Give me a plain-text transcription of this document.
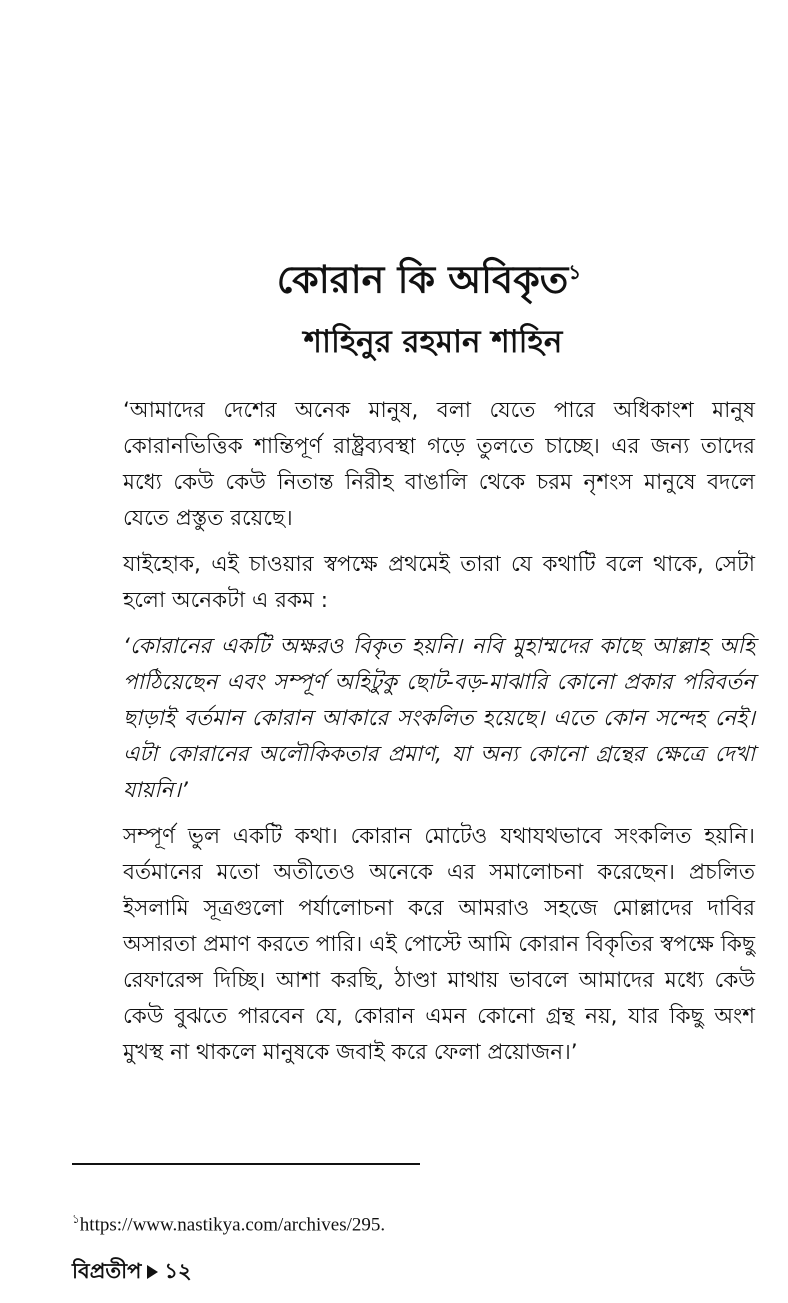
কোরান কি অবিকৃত$^১$
শাহিনুর রহমান শাহিন

‘আমাদের দেশের অনেক মানুষ, বলা যেতে পারে অধিকাংশ মানুষ কোরানভিত্তিক শান্তিপূর্ণ রাষ্ট্রব্যবস্থা গড়ে তুলতে চাচ্ছে। এর জন্য তাদের মধ্যে কেউ কেউ নিতান্ত নিরীহ বাঙালি থেকে চরম নৃশংস মানুষে বদলে যেতে প্রস্তুত রয়েছে।

যাইহোক, এই চাওয়ার স্বপক্ষে প্রথমেই তারা যে কথাটি বলে থাকে, সেটা হলো অনেকটা এ রকম :

‘কোরানের একটি অক্ষরও বিকৃত হয়নি। নবি মুহাম্মদের কাছে আল্লাহ অহি পাঠিয়েছেন এবং সম্পূর্ণ অহিটুকু ছোট-বড়-মাঝারি কোনো প্রকার পরিবর্তন ছাড়াই বর্তমান কোরান আকারে সংকলিত হয়েছে। এতে কোন সন্দেহ নেই। এটা কোরানের অলৌকিকতার প্রমাণ, যা অন্য কোনো গ্রন্থের ক্ষেত্রে দেখা যায়নি।’

সম্পূর্ণ ভুল একটি কথা। কোরান মোটেও যথাযথভাবে সংকলিত হয়নি। বর্তমানের মতো অতীতেও অনেকে এর সমালোচনা করেছেন। প্রচলিত ইসলামি সূত্রগুলো পর্যালোচনা করে আমরাও সহজে মোল্লাদের দাবির অসারতা প্রমাণ করতে পারি। এই পোস্টে আমি কোরান বিকৃতির স্বপক্ষে কিছু রেফারেন্স দিচ্ছি। আশা করছি, ঠাণ্ডা মাথায় ভাবলে আমাদের মধ্যে কেউ কেউ বুঝতে পারবেন যে, কোরান এমন কোনো গ্রন্থ নয়, যার কিছু অংশ মুখস্থ না থাকলে মানুষকে জবাই করে ফেলা প্রয়োজন।’

$^১$https://www.nastikya.com/archives/295.
বিপ্রতীপ ১২
